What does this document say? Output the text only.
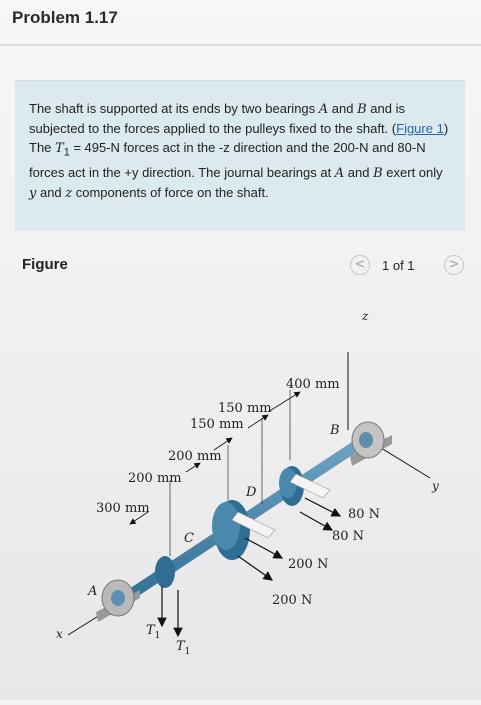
Problem 1.17
The shaft is supported at its ends by two bearings A and B and is subjected to the forces applied to the pulleys fixed to the shaft. (Figure 1) The $T_1 = 495-N$ forces act in the -z direction and the 200-N and 80-N forces act in the +y direction. The journal bearings at A and B exert only y and z components of force on the shaft.
Figure	<	1 of 1	>
400 mm
150 mm
150 mm
200 mm
200 mm
300 mm
z
y
x
A
B
C
D
80 N
80 N
200 N
200 N
$T_1$
$T_1$
